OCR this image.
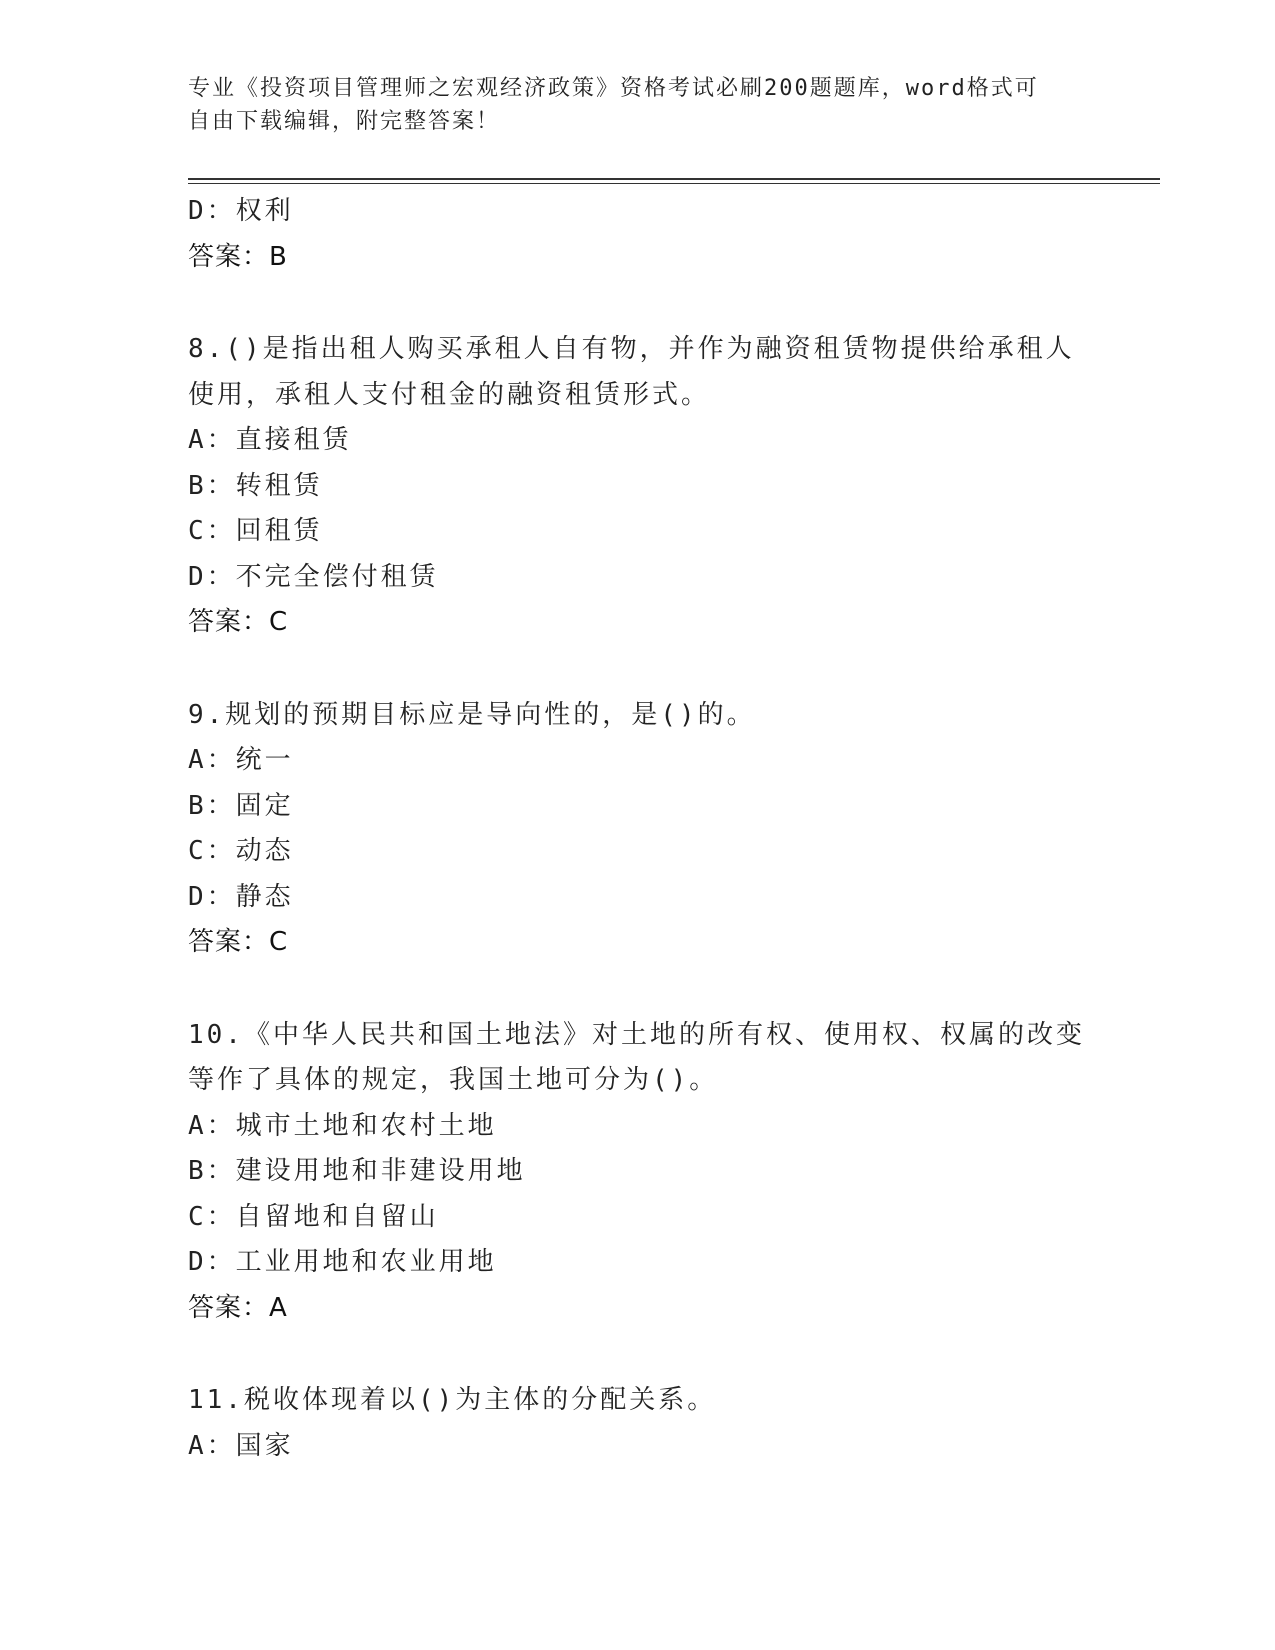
专业《投资项目管理师之宏观经济政策》资格考试必刷200题题库，word格式可
自由下载编辑，附完整答案！
D：权利
答案：B
8.()是指出租人购买承租人自有物，并作为融资租赁物提供给承租人
使用，承租人支付租金的融资租赁形式。
A：直接租赁
B：转租赁
C：回租赁
D：不完全偿付租赁
答案：C
9.规划的预期目标应是导向性的，是()的。
A：统一
B：固定
C：动态
D：静态
答案：C
10.《中华人民共和国土地法》对土地的所有权、使用权、权属的改变
等作了具体的规定，我国土地可分为()。
A：城市土地和农村土地
B：建设用地和非建设用地
C：自留地和自留山
D：工业用地和农业用地
答案：A
11.税收体现着以()为主体的分配关系。
A：国家
